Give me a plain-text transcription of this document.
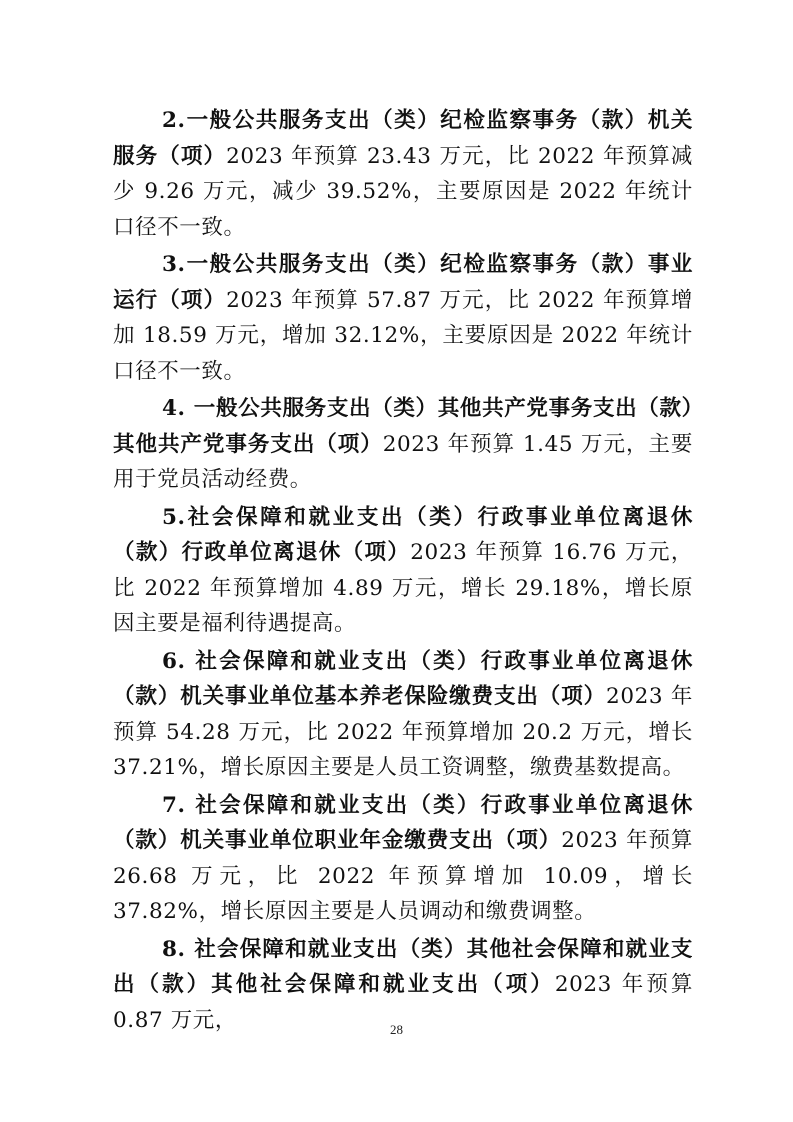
2.一般公共服务支出（类）纪检监察事务（款）机关服务（项）2023 年预算 23.43 万元，比 2022 年预算减少 9.26 万元，减少 39.52%，主要原因是 2022 年统计口径不一致。

3.一般公共服务支出（类）纪检监察事务（款）事业运行（项）2023 年预算 57.87 万元，比 2022 年预算增加 18.59 万元，增加 32.12%，主要原因是 2022 年统计口径不一致。

4. 一般公共服务支出（类）其他共产党事务支出（款）其他共产党事务支出（项）2023 年预算 1.45 万元，主要用于党员活动经费。

5.社会保障和就业支出（类）行政事业单位离退休（款）行政单位离退休（项）2023 年预算 16.76 万元，比 2022 年预算增加 4.89 万元，增长 29.18%，增长原因主要是福利待遇提高。

6. 社会保障和就业支出（类）行政事业单位离退休（款）机关事业单位基本养老保险缴费支出（项）2023 年预算 54.28 万元，比 2022 年预算增加 20.2 万元，增长 37.21%，增长原因主要是人员工资调整，缴费基数提高。

7. 社会保障和就业支出（类）行政事业单位离退休（款）机关事业单位职业年金缴费支出（项）2023 年预算 26.68 万元，比 2022 年预算增加 10.09，增长 37.82%，增长原因主要是人员调动和缴费调整。

8. 社会保障和就业支出（类）其他社会保障和就业支出（款）其他社会保障和就业支出（项）2023 年预算 0.87 万元，	28
